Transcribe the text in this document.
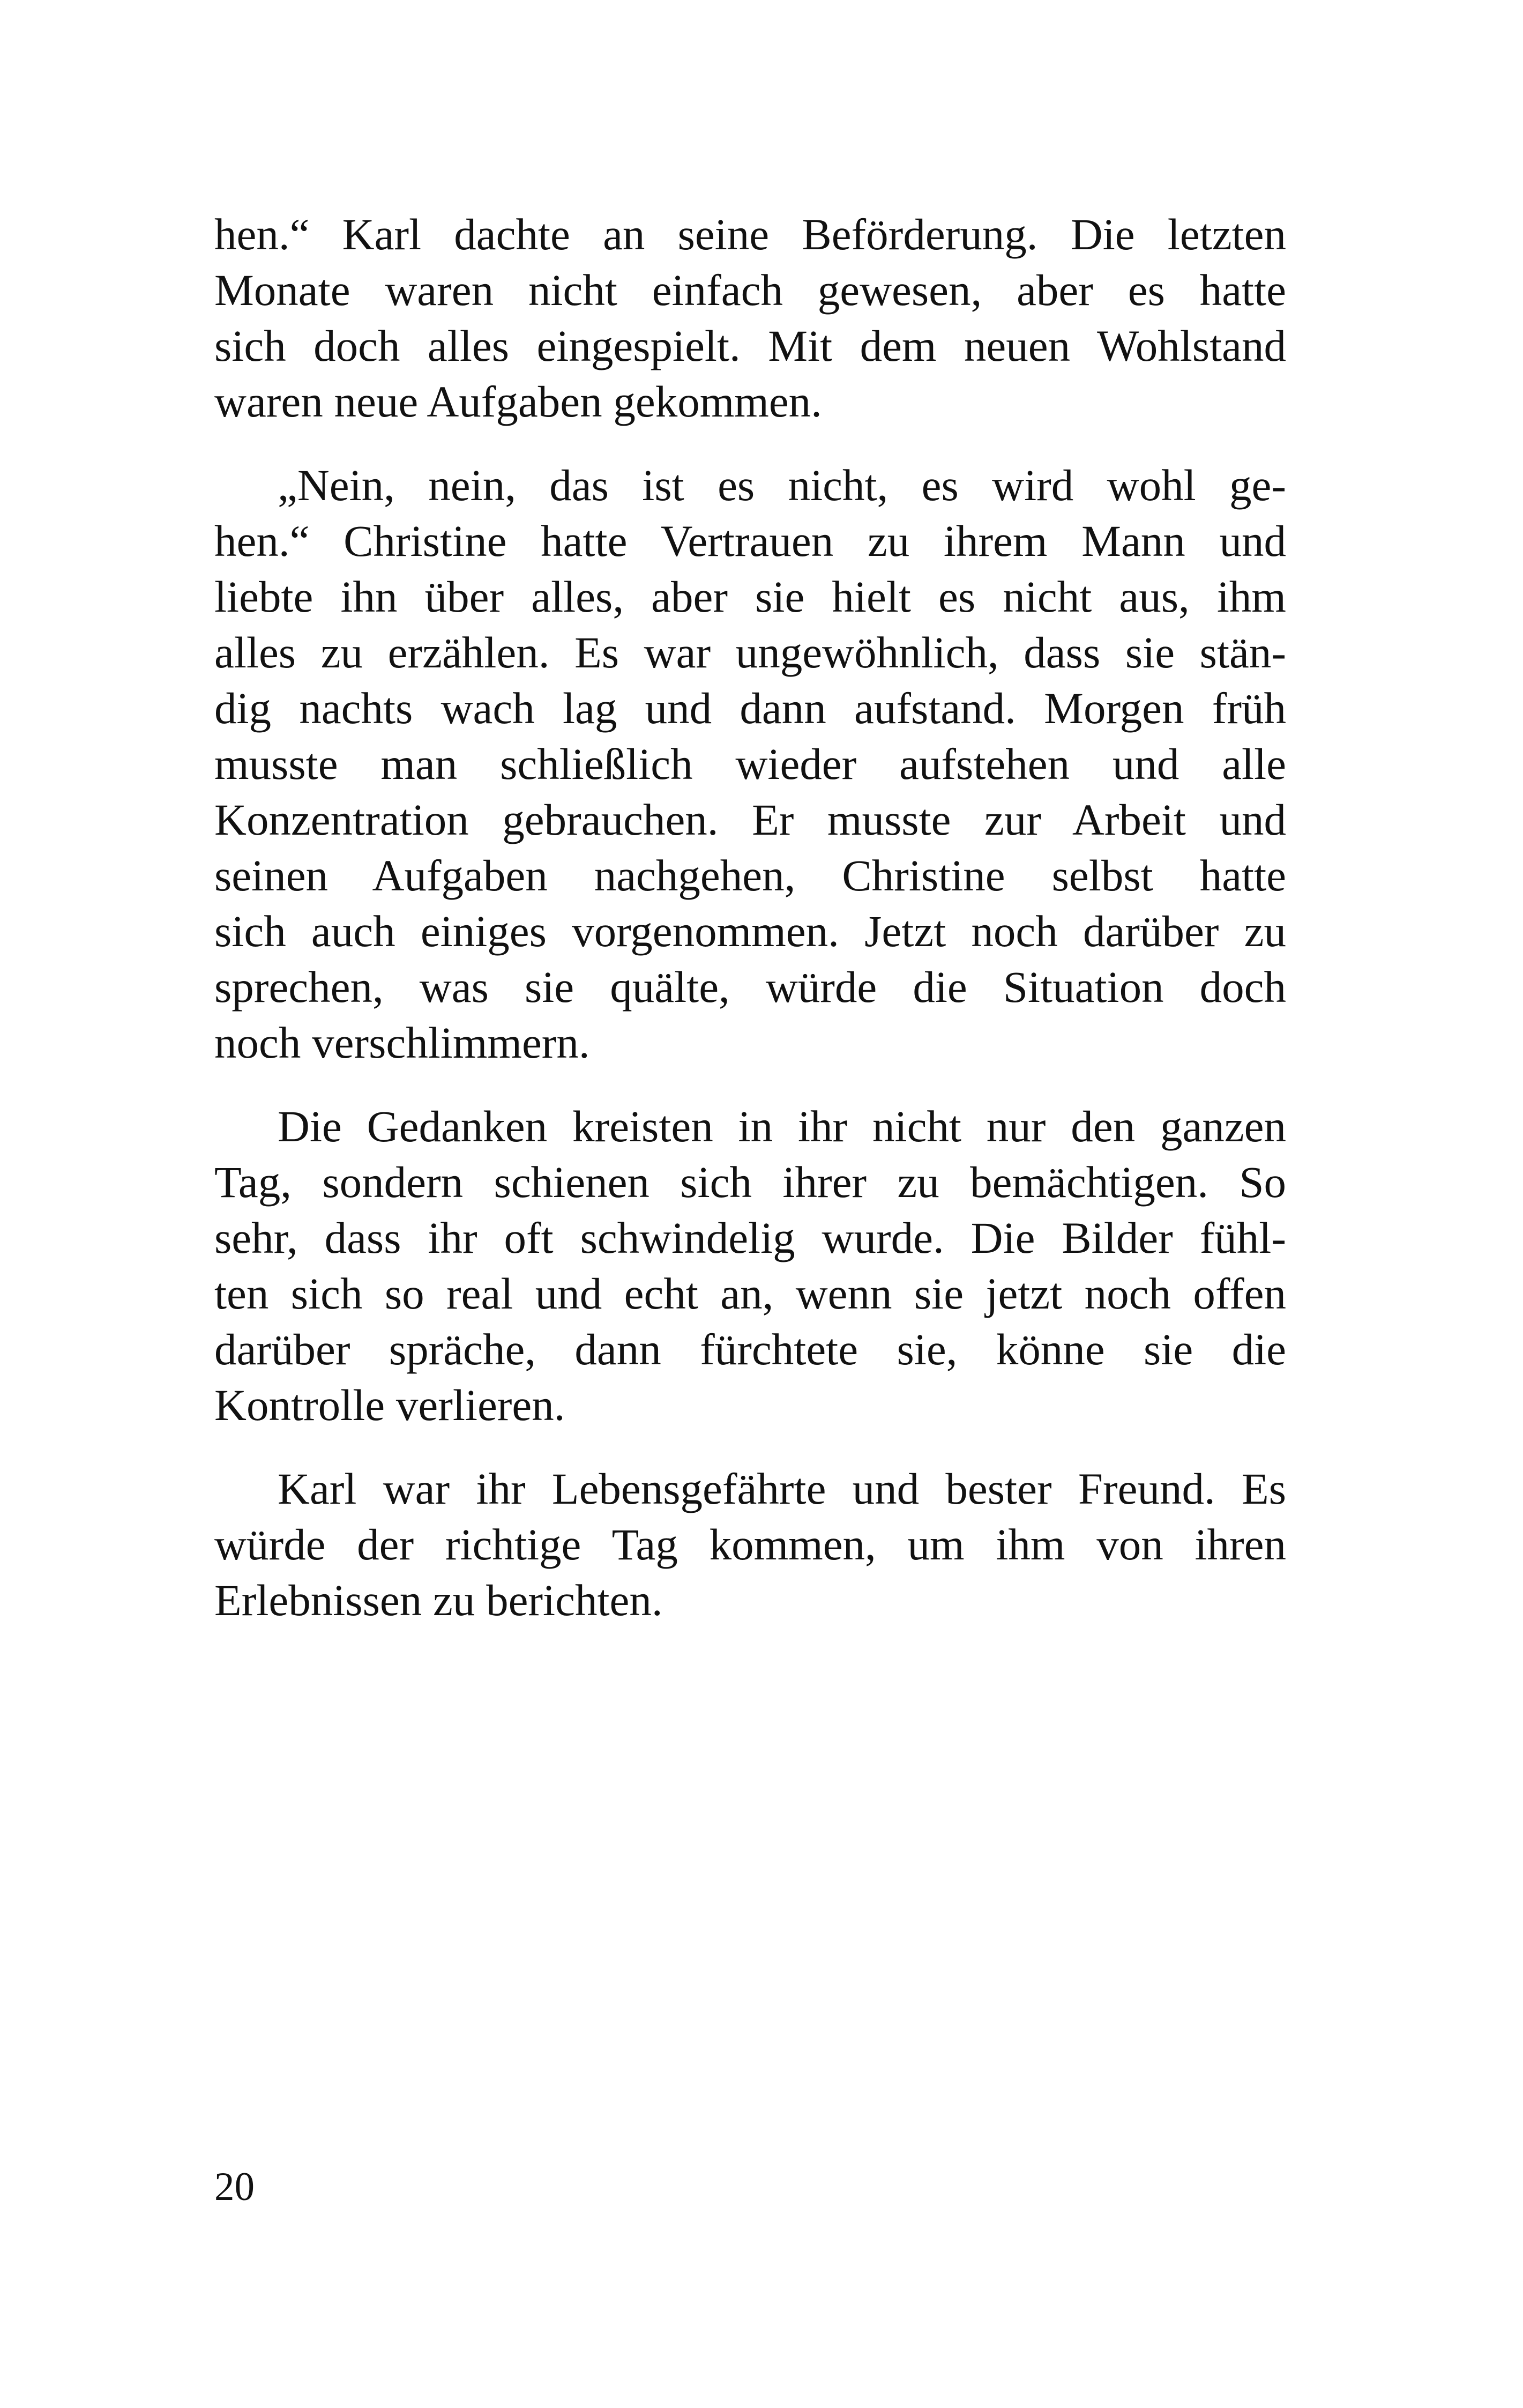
hen.“ Karl dachte an seine Beförderung. Die letzten
Monate waren nicht einfach gewesen, aber es hatte
sich doch alles eingespielt. Mit dem neuen Wohlstand
waren neue Aufgaben gekommen.
„Nein, nein, das ist es nicht, es wird wohl ge-
hen.“ Christine hatte Vertrauen zu ihrem Mann und
liebte ihn über alles, aber sie hielt es nicht aus, ihm
alles zu erzählen. Es war ungewöhnlich, dass sie stän-
dig nachts wach lag und dann aufstand. Morgen früh
musste man schließlich wieder aufstehen und alle
Konzentration gebrauchen. Er musste zur Arbeit und
seinen Aufgaben nachgehen, Christine selbst hatte
sich auch einiges vorgenommen. Jetzt noch darüber zu
sprechen, was sie quälte, würde die Situation doch
noch verschlimmern.
Die Gedanken kreisten in ihr nicht nur den ganzen
Tag, sondern schienen sich ihrer zu bemächtigen. So
sehr, dass ihr oft schwindelig wurde. Die Bilder fühl-
ten sich so real und echt an, wenn sie jetzt noch offen
darüber spräche, dann fürchtete sie, könne sie die
Kontrolle verlieren.
Karl war ihr Lebensgefährte und bester Freund. Es
würde der richtige Tag kommen, um ihm von ihren
Erlebnissen zu berichten.
20
